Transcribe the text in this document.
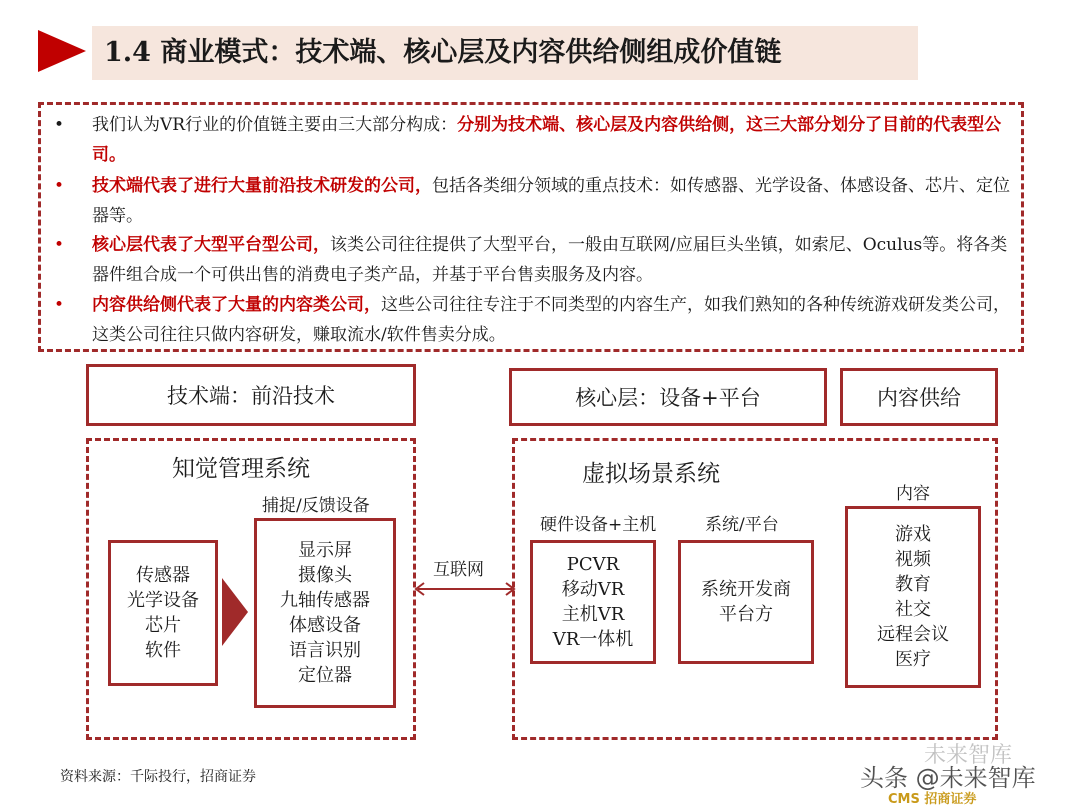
1.4 商业模式：技术端、核心层及内容供给侧组成价值链
•	我们认为VR行业的价值链主要由三大部分构成：分别为技术端、核心层及内容供给侧，这三大部分划分了目前的代表型公司。
•	技术端代表了进行大量前沿技术研发的公司，包括各类细分领域的重点技术：如传感器、光学设备、体感设备、芯片、定位器等。
•	核心层代表了大型平台型公司，该类公司往往提供了大型平台，一般由互联网/应届巨头坐镇，如索尼、Oculus等。将各类器件组合成一个可供出售的消费电子类产品，并基于平台售卖服务及内容。
•	内容供给侧代表了大量的内容类公司，这些公司往往专注于不同类型的内容生产，如我们熟知的各种传统游戏研发类公司，这类公司往往只做内容研发，赚取流水/软件售卖分成。
技术端：前沿技术	核心层：设备+平台	内容供给
知觉管理系统
捕捉/反馈设备
传感器
光学设备
芯片
软件
显示屏
摄像头
九轴传感器
体感设备
语言识别
定位器
互联网
虚拟场景系统
硬件设备+主机	系统/平台
内容
PCVR
移动VR
主机VR
VR一体机
系统开发商
平台方
游戏
视频
教育
社交
远程会议
医疗
资料来源：千际投行，招商证券
未来智库
头条 @未来智库
CMS 招商证券
